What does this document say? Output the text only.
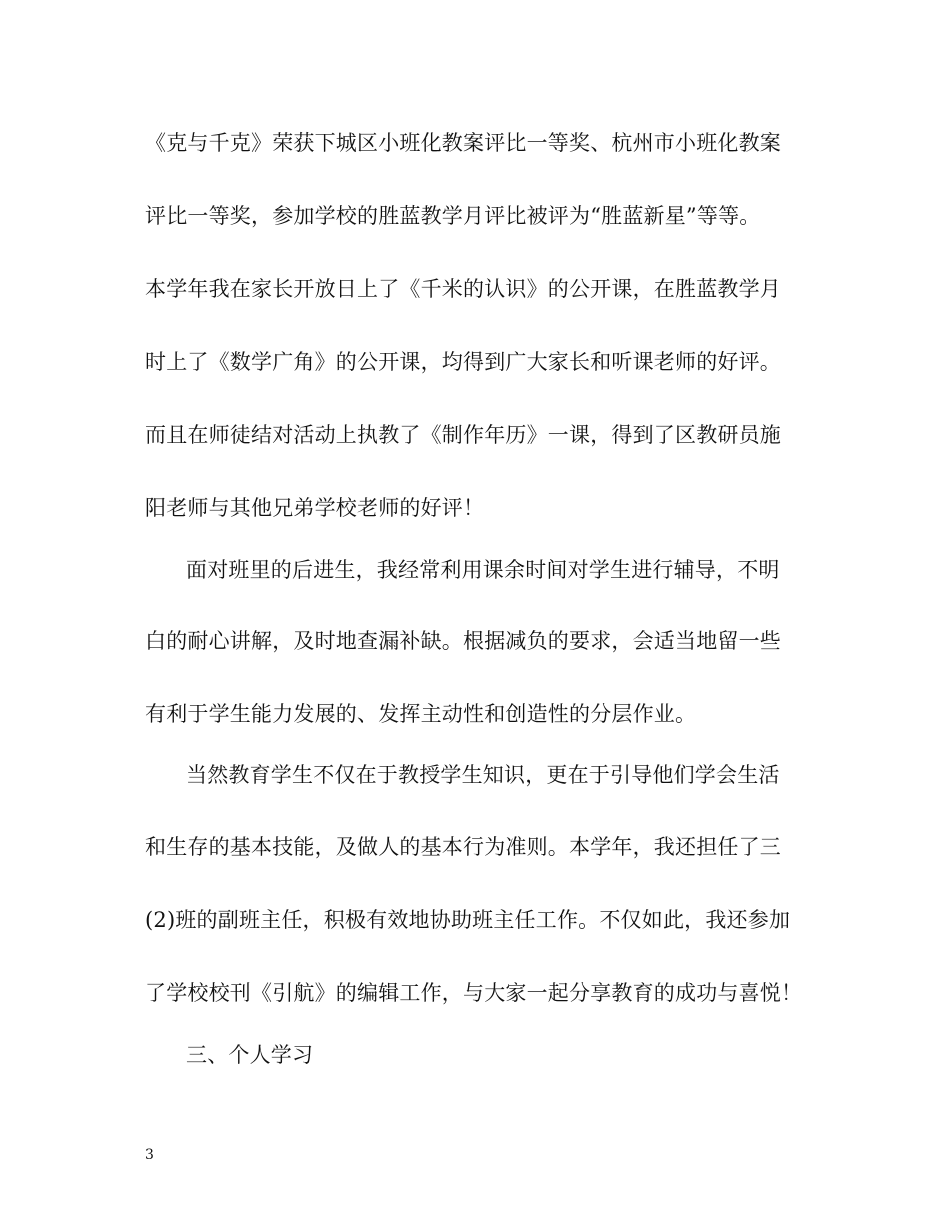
《克与千克》荣获下城区小班化教案评比一等奖、杭州市小班化教案
评比一等奖，参加学校的胜蓝教学月评比被评为“胜蓝新星”等等。
本学年我在家长开放日上了《千米的认识》的公开课，在胜蓝教学月
时上了《数学广角》的公开课，均得到广大家长和听课老师的好评。
而且在师徒结对活动上执教了《制作年历》一课，得到了区教研员施
阳老师与其他兄弟学校老师的好评！
面对班里的后进生，我经常利用课余时间对学生进行辅导，不明
白的耐心讲解，及时地查漏补缺。根据减负的要求，会适当地留一些
有利于学生能力发展的、发挥主动性和创造性的分层作业。
当然教育学生不仅在于教授学生知识，更在于引导他们学会生活
和生存的基本技能，及做人的基本行为准则。本学年，我还担任了三
(2)班的副班主任，积极有效地协助班主任工作。不仅如此，我还参加
了学校校刊《引航》的编辑工作，与大家一起分享教育的成功与喜悦！
三、个人学习
3
